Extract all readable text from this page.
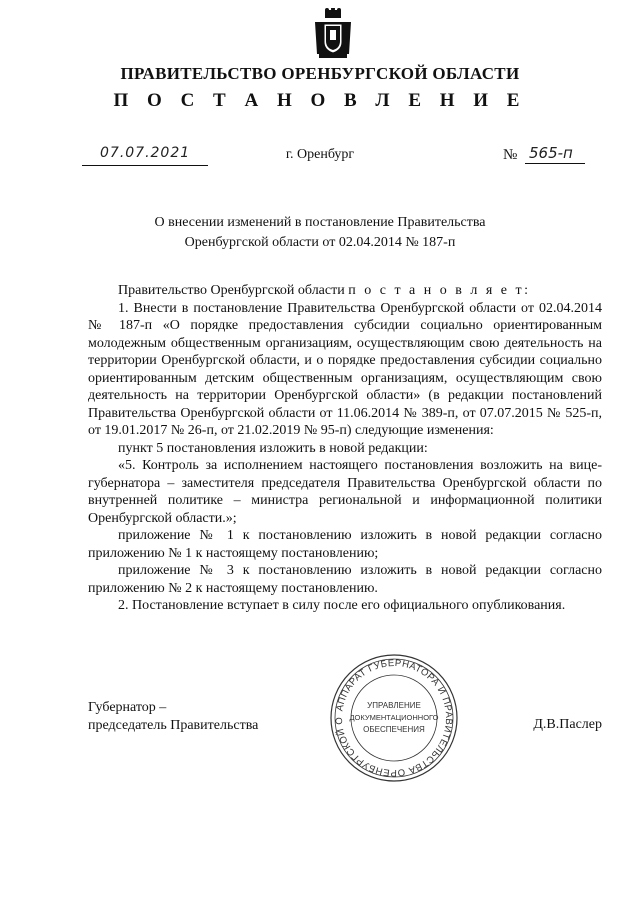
ПРАВИТЕЛЬСТВО ОРЕНБУРГСКОЙ ОБЛАСТИ
П О С Т А Н О В Л Е Н И Е
07.07.2021	г. Оренбург	№ 565-п
О внесении изменений в постановление Правительства
Оренбургской области от 02.04.2014 № 187-п

Правительство Оренбургской области п о с т а н о в л я е т:

1. Внести в постановление Правительства Оренбургской области от 02.04.2014 № 187-п «О порядке предоставления субсидии социально ориентированным молодежным общественным организациям, осуществляющим свою деятельность на территории Оренбургской области, и о порядке предоставления субсидии социально ориентированным детским общественным организациям, осуществляющим свою деятельность на территории Оренбургской области» (в редакции постановлений Правительства Оренбургской области от 11.06.2014 № 389-п, от 07.07.2015 № 525-п, от 19.01.2017 № 26-п, от 21.02.2019 № 95-п) следующие изменения:

пункт 5 постановления изложить в новой редакции:

«5. Контроль за исполнением настоящего постановления возложить на вице-губернатора – заместителя председателя Правительства Оренбургской области по внутренней политике – министра региональной и информационной политики Оренбургской области.»;

приложение № 1 к постановлению изложить в новой редакции согласно приложению № 1 к настоящему постановлению;

приложение № 3 к постановлению изложить в новой редакции согласно приложению № 2 к настоящему постановлению.

2. Постановление вступает в силу после его официального опубликования.

Губернатор –
председатель Правительства	Д.В.Паслер
АППАРАТ ГУБЕРНАТОРА И ПРАВИТЕЛЬСТВА ОРЕНБУРГСКОЙ О
УПРАВЛЕНИЕ
ДОКУМЕНТАЦИОННОГО
ОБЕСПЕЧЕНИЯ
